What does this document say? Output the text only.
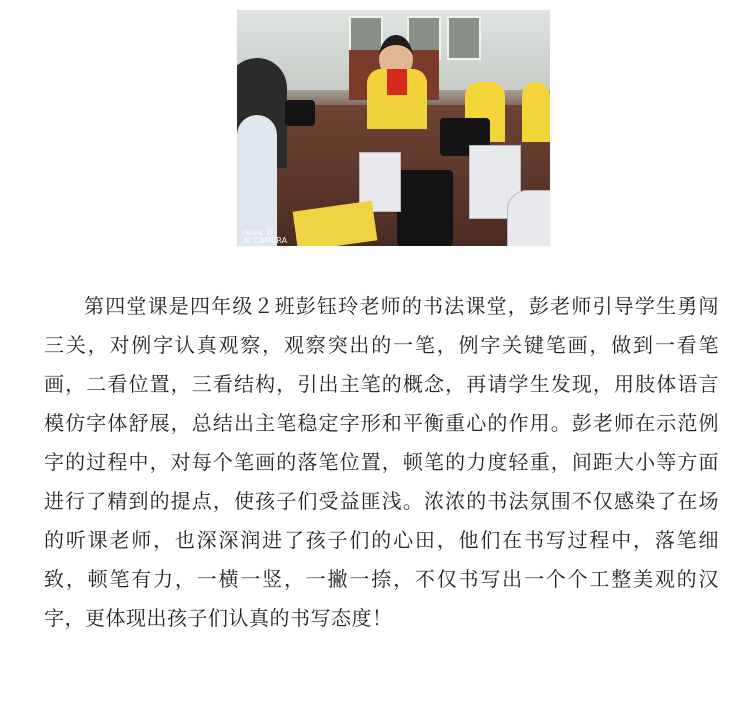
nova 3i
AI CAMERA

第四堂课是四年级２班彭钰玲老师的书法课堂，彭老师引导学生勇闯三关，对例字认真观察，观察突出的一笔，例字关键笔画，做到一看笔画，二看位置，三看结构，引出主笔的概念，再请学生发现，用肢体语言模仿字体舒展，总结出主笔稳定字形和平衡重心的作用。彭老师在示范例字的过程中，对每个笔画的落笔位置，顿笔的力度轻重，间距大小等方面进行了精到的提点，使孩子们受益匪浅。浓浓的书法氛围不仅感染了在场的听课老师，也深深润进了孩子们的心田，他们在书写过程中，落笔细致，顿笔有力，一横一竖，一撇一捺，不仅书写出一个个工整美观的汉字，更体现出孩子们认真的书写态度！
